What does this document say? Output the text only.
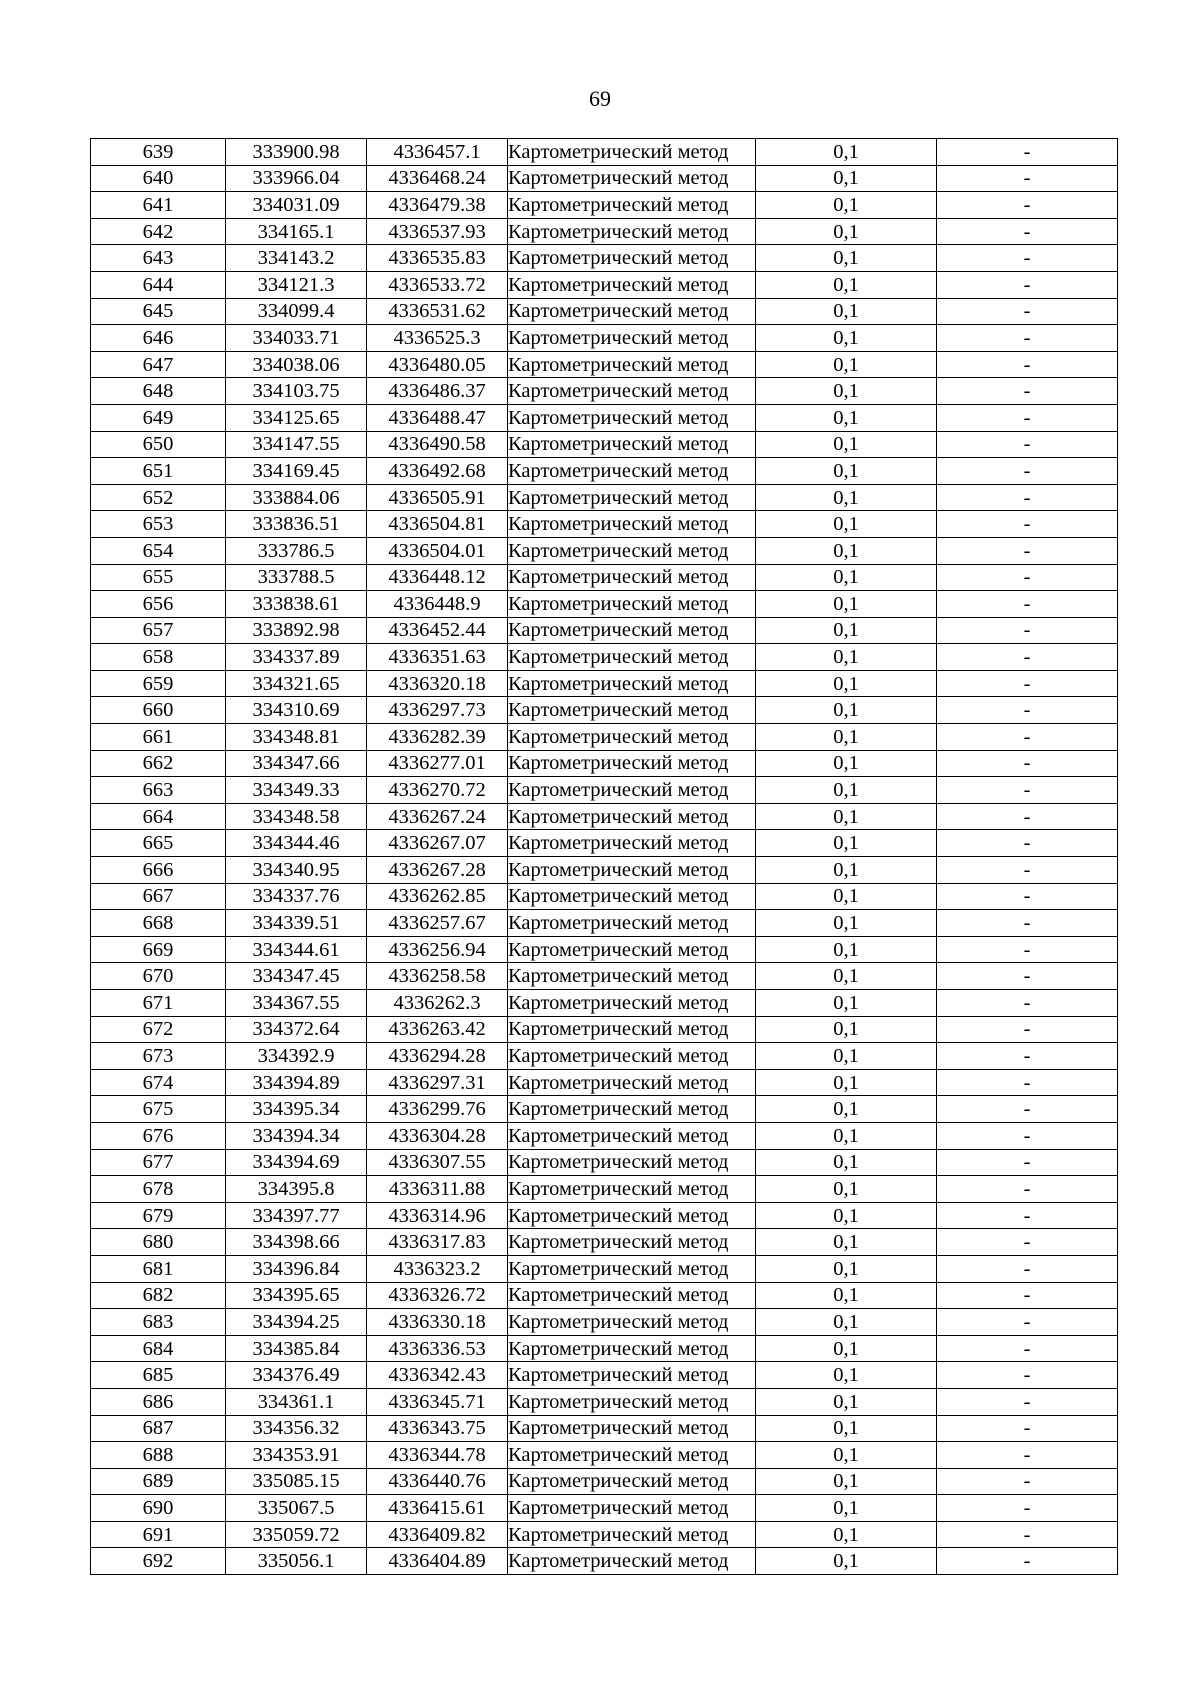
69
639	333900.98	4336457.1	Картометрический метод	0,1	-
640	333966.04	4336468.24	Картометрический метод	0,1	-
641	334031.09	4336479.38	Картометрический метод	0,1	-
642	334165.1	4336537.93	Картометрический метод	0,1	-
643	334143.2	4336535.83	Картометрический метод	0,1	-
644	334121.3	4336533.72	Картометрический метод	0,1	-
645	334099.4	4336531.62	Картометрический метод	0,1	-
646	334033.71	4336525.3	Картометрический метод	0,1	-
647	334038.06	4336480.05	Картометрический метод	0,1	-
648	334103.75	4336486.37	Картометрический метод	0,1	-
649	334125.65	4336488.47	Картометрический метод	0,1	-
650	334147.55	4336490.58	Картометрический метод	0,1	-
651	334169.45	4336492.68	Картометрический метод	0,1	-
652	333884.06	4336505.91	Картометрический метод	0,1	-
653	333836.51	4336504.81	Картометрический метод	0,1	-
654	333786.5	4336504.01	Картометрический метод	0,1	-
655	333788.5	4336448.12	Картометрический метод	0,1	-
656	333838.61	4336448.9	Картометрический метод	0,1	-
657	333892.98	4336452.44	Картометрический метод	0,1	-
658	334337.89	4336351.63	Картометрический метод	0,1	-
659	334321.65	4336320.18	Картометрический метод	0,1	-
660	334310.69	4336297.73	Картометрический метод	0,1	-
661	334348.81	4336282.39	Картометрический метод	0,1	-
662	334347.66	4336277.01	Картометрический метод	0,1	-
663	334349.33	4336270.72	Картометрический метод	0,1	-
664	334348.58	4336267.24	Картометрический метод	0,1	-
665	334344.46	4336267.07	Картометрический метод	0,1	-
666	334340.95	4336267.28	Картометрический метод	0,1	-
667	334337.76	4336262.85	Картометрический метод	0,1	-
668	334339.51	4336257.67	Картометрический метод	0,1	-
669	334344.61	4336256.94	Картометрический метод	0,1	-
670	334347.45	4336258.58	Картометрический метод	0,1	-
671	334367.55	4336262.3	Картометрический метод	0,1	-
672	334372.64	4336263.42	Картометрический метод	0,1	-
673	334392.9	4336294.28	Картометрический метод	0,1	-
674	334394.89	4336297.31	Картометрический метод	0,1	-
675	334395.34	4336299.76	Картометрический метод	0,1	-
676	334394.34	4336304.28	Картометрический метод	0,1	-
677	334394.69	4336307.55	Картометрический метод	0,1	-
678	334395.8	4336311.88	Картометрический метод	0,1	-
679	334397.77	4336314.96	Картометрический метод	0,1	-
680	334398.66	4336317.83	Картометрический метод	0,1	-
681	334396.84	4336323.2	Картометрический метод	0,1	-
682	334395.65	4336326.72	Картометрический метод	0,1	-
683	334394.25	4336330.18	Картометрический метод	0,1	-
684	334385.84	4336336.53	Картометрический метод	0,1	-
685	334376.49	4336342.43	Картометрический метод	0,1	-
686	334361.1	4336345.71	Картометрический метод	0,1	-
687	334356.32	4336343.75	Картометрический метод	0,1	-
688	334353.91	4336344.78	Картометрический метод	0,1	-
689	335085.15	4336440.76	Картометрический метод	0,1	-
690	335067.5	4336415.61	Картометрический метод	0,1	-
691	335059.72	4336409.82	Картометрический метод	0,1	-
692	335056.1	4336404.89	Картометрический метод	0,1	-
